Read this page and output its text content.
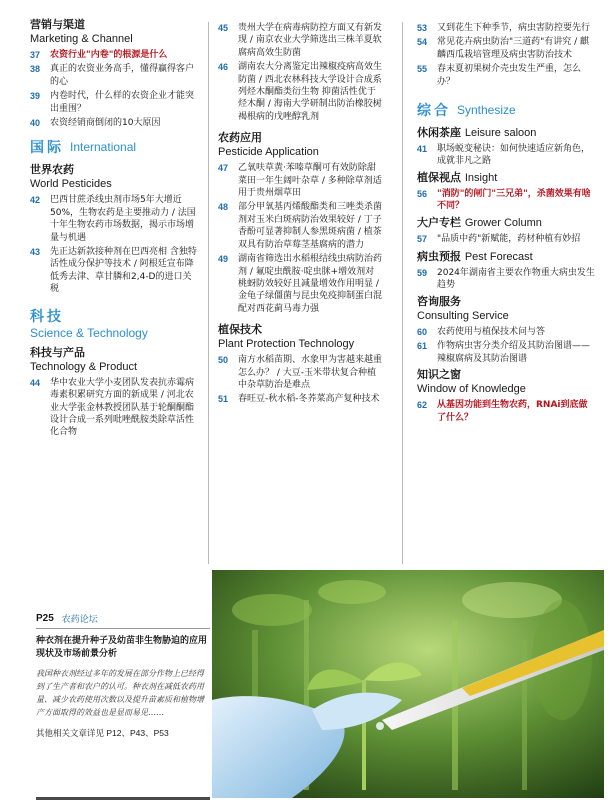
营销与渠道
Marketing & Channel
37	农资行业"内卷"的根源是什么
38	真正的农资业务高手，懂得赢得客户的心
39	内卷时代，什么样的农资企业才能突出重围？
40	农资经销商倒闭的10大原因
国际 International
世界农药
World Pesticides
42	巴西甘蔗杀线虫剂市场5年大增近50%，生物农药是主要推动力 / 法国十年生物农药市场数据，揭示市场增量与机遇
43	先正达新款接种剂在巴西亮相 含独特活性成分保护等技术 / 阿根廷宣布降低秀去津、草甘膦和2,4-D的进口关税
科技
Science & Technology
科技与产品
Technology & Product
44	华中农业大学小麦团队发表抗赤霉病毒素积累研究方面的新成果 / 河北农业大学张金林教授团队基于轮酮酮酯设计合成一系列吡唑酰胺类除草活性化合物
45	贵州大学在病毒病防控方面又有新发现 / 南京农业大学筛选出三株羊夏软腐病高效生防菌
46	湖南农大分离鉴定出辣椒疫病高效生防菌 / 西北农林科技大学设计合成系列烃木酮酯类衍生物 抑菌活性优于烃木酮 / 海南大学研制出防治橡胶树褐根病的戊唑醇乳剂
农药应用
Pesticide Application
47	乙氧呋草黄·苯嗪草酮可有效防除甜菜田一年生阔叶杂草 / 多种除草剂适用于贵州烟草田
48	部分甲氧基丙烯酸酯类和三唑类杀菌剂对玉米白斑病防治效果较好 / 丁子香酚可显著抑制人参黑斑病菌 / 植茶双具有防治草莓茎基腐病的潜力
49	湖南省筛选出水稻根结线虫病防治药剂 / 氟啶虫酰胺·啶虫脒+增效剂对桃蚜防效较好且减量增效作用明显 / 金龟子绿僵菌与昆虫免疫抑制蛋白混配对西花蓟马毒力强
植保技术
Plant Protection Technology
50	南方水稻苗期、水象甲为害越来越重怎么办？ / 大豆-玉米带状复合种植中杂草防治是难点
51	春旺豆-秋水稻-冬荞菜高产复种技术
53	又到花生下种季节，病虫害防控要先行
54	常见花卉病虫防治"三道药"有讲究 / 麒麟西瓜栽培管理及病虫害防治技术
55	春末夏初果树介壳虫发生严重，怎么办？
综合 Synthesize
休闲茶座 Leisure saloon
41	职场蜕变秘诀：如何快速适应新角色，成就非凡之路
植保视点 Insight
56	"消防"的闸门"三兄弟"，杀菌效果有啥不同？
大户专栏 Grower Column
57	"品质中药"新赋能，药材种植有妙招
病虫预报 Pest Forecast
59	2024年湖南省主要农作物重大病虫发生趋势
咨询服务
Consulting Service
60	农药使用与植保技术问与答
61	作物病虫害分类介绍及其防治图谱——辣椒腐病及其防治图谱
知识之窗
Window of Knowledge
62	从基因功能到生物农药，RNAi到底做了什么？
P25 农药论坛
种衣剂在提升种子及幼苗非生物胁迫的应用现状及市场前景分析
我国种衣剂经过多年的发展在部分作物上已经得到了生产者和农户的认可。种衣剂在减低农药用量、减少农药使用次数以及提升苗素质和植物增产方面取得的效益也是显而易见……
其他相关文章详见 P12、P43、P53
